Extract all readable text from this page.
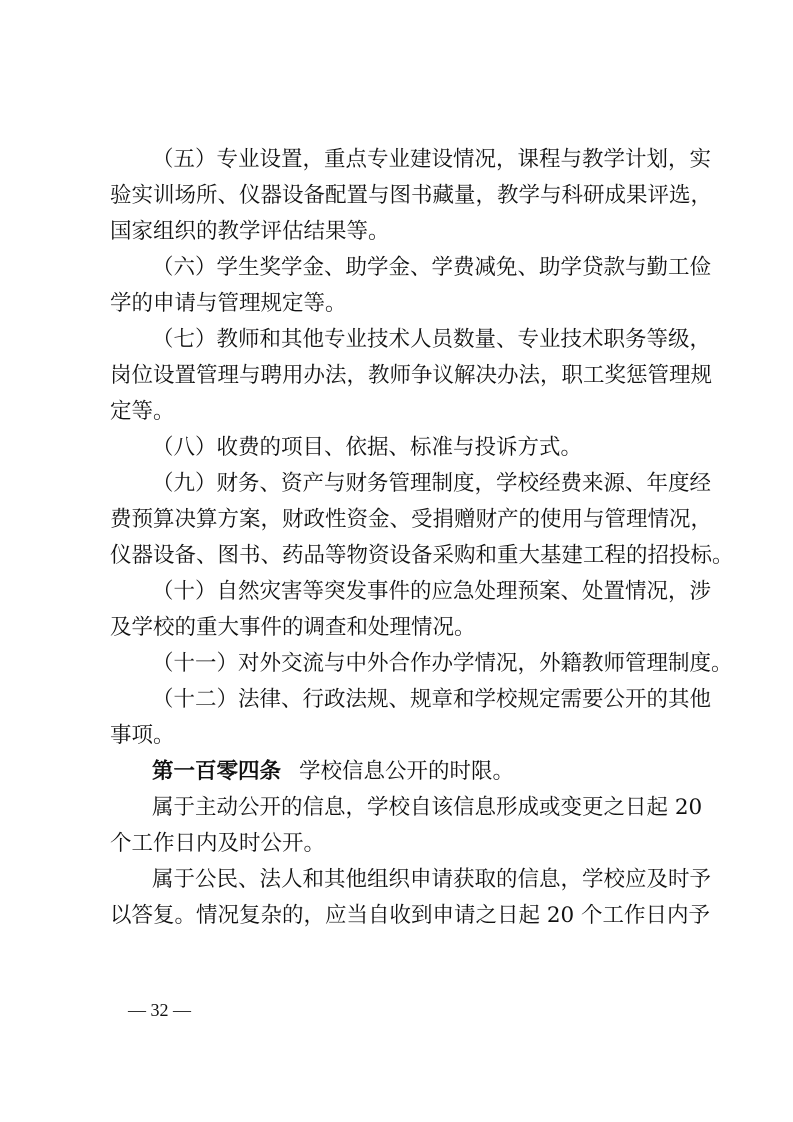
（五）专业设置，重点专业建设情况，课程与教学计划，实
验实训场所、仪器设备配置与图书藏量，教学与科研成果评选，
国家组织的教学评估结果等。
（六）学生奖学金、助学金、学费减免、助学贷款与勤工俭
学的申请与管理规定等。
（七）教师和其他专业技术人员数量、专业技术职务等级，
岗位设置管理与聘用办法，教师争议解决办法，职工奖惩管理规
定等。
（八）收费的项目、依据、标准与投诉方式。
（九）财务、资产与财务管理制度，学校经费来源、年度经
费预算决算方案，财政性资金、受捐赠财产的使用与管理情况，
仪器设备、图书、药品等物资设备采购和重大基建工程的招投标。
（十）自然灾害等突发事件的应急处理预案、处置情况，涉
及学校的重大事件的调查和处理情况。
（十一）对外交流与中外合作办学情况，外籍教师管理制度。
（十二）法律、行政法规、规章和学校规定需要公开的其他
事项。
第一百零四条 学校信息公开的时限。
属于主动公开的信息，学校自该信息形成或变更之日起 20
个工作日内及时公开。
属于公民、法人和其他组织申请获取的信息，学校应及时予
以答复。情况复杂的，应当自收到申请之日起 20 个工作日内予
— 32 —
